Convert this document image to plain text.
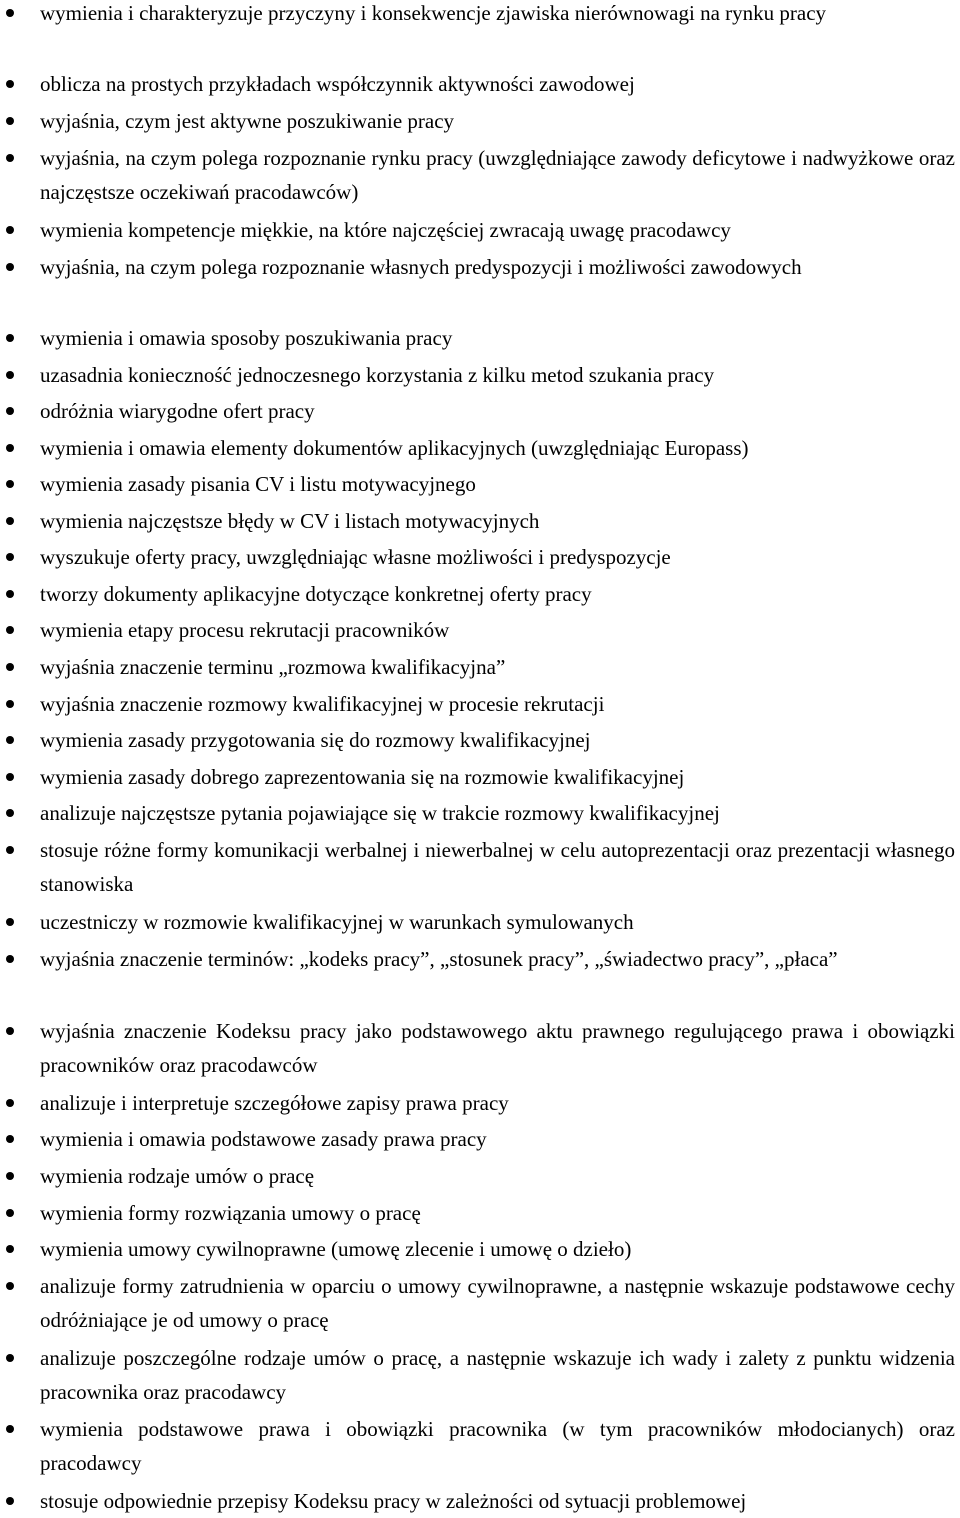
wymienia i charakteryzuje przyczyny i konsekwencje zjawiska nierównowagi na rynku pracy
oblicza na prostych przykładach współczynnik aktywności zawodowej
wyjaśnia, czym jest aktywne poszukiwanie pracy
wyjaśnia, na czym polega rozpoznanie rynku pracy (uwzględniające zawody deficytowe i nadwyżkowe oraz najczęstsze oczekiwań pracodawców)
wymienia kompetencje miękkie, na które najczęściej zwracają uwagę pracodawcy
wyjaśnia, na czym polega rozpoznanie własnych predyspozycji i możliwości zawodowych
wymienia i omawia sposoby poszukiwania pracy
uzasadnia konieczność jednoczesnego korzystania z kilku metod szukania pracy
odróżnia wiarygodne ofert pracy
wymienia i omawia elementy dokumentów aplikacyjnych (uwzględniając Europass)
wymienia zasady pisania CV i listu motywacyjnego
wymienia najczęstsze błędy w CV i listach motywacyjnych
wyszukuje oferty pracy, uwzględniając własne możliwości i predyspozycje
tworzy dokumenty aplikacyjne dotyczące konkretnej oferty pracy
wymienia etapy procesu rekrutacji pracowników
wyjaśnia znaczenie terminu „rozmowa kwalifikacyjna”
wyjaśnia znaczenie rozmowy kwalifikacyjnej w procesie rekrutacji
wymienia zasady przygotowania się do rozmowy kwalifikacyjnej
wymienia zasady dobrego zaprezentowania się na rozmowie kwalifikacyjnej
analizuje najczęstsze pytania pojawiające się w trakcie rozmowy kwalifikacyjnej
stosuje różne formy komunikacji werbalnej i niewerbalnej w celu autoprezentacji oraz prezentacji własnego stanowiska
uczestniczy w rozmowie kwalifikacyjnej w warunkach symulowanych
wyjaśnia znaczenie terminów: „kodeks pracy”, „stosunek pracy”, „świadectwo pracy”, „płaca”
wyjaśnia znaczenie Kodeksu pracy jako podstawowego aktu prawnego regulującego prawa i obowiązki pracowników oraz pracodawców
analizuje i interpretuje szczegółowe zapisy prawa pracy
wymienia i omawia podstawowe zasady prawa pracy
wymienia rodzaje umów o pracę
wymienia formy rozwiązania umowy o pracę
wymienia umowy cywilnoprawne (umowę zlecenie i umowę o dzieło)
analizuje formy zatrudnienia w oparciu o umowy cywilnoprawne, a następnie wskazuje podstawowe cechy odróżniające je od umowy o pracę
analizuje poszczególne rodzaje umów o pracę, a następnie wskazuje ich wady i zalety z punktu widzenia pracownika oraz pracodawcy
wymienia podstawowe prawa i obowiązki pracownika (w tym pracowników młodocianych) oraz pracodawcy
stosuje odpowiednie przepisy Kodeksu pracy w zależności od sytuacji problemowej
